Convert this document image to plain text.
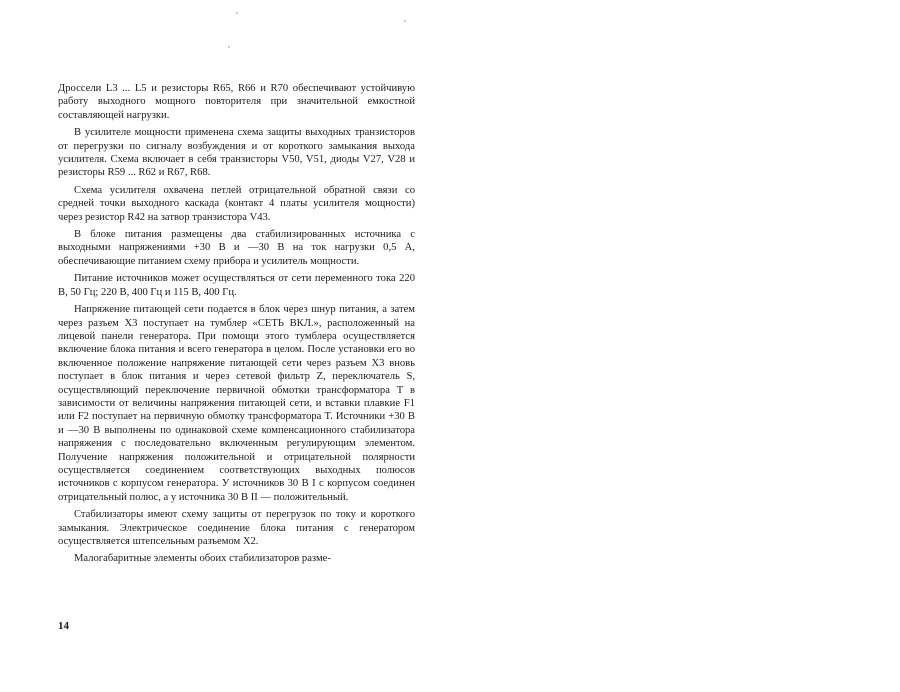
Дроссели L3 ... L5 и резисторы R65, R66 и R70 обеспечивают устойчивую работу выходного мощного повторителя при значительной емкостной составляющей нагрузки.

В усилителе мощности применена схема защиты выходных транзисторов от перегрузки по сигналу возбуждения и от короткого замыкания выхода усилителя. Схема включает в себя транзисторы V50, V51, диоды V27, V28 и резисторы R59 ... R62 и R67, R68.

Схема усилителя охвачена петлей отрицательной обратной связи со средней точки выходного каскада (контакт 4 платы усилителя мощности) через резистор R42 на затвор транзистора V43.

В блоке питания размещены два стабилизированных источника с выходными напряжениями +30 В и —30 В на ток нагрузки 0,5 А, обеспечивающие питанием схему прибора и усилитель мощности.

Питание источников может осуществляться от сети переменного тока 220 В, 50 Гц; 220 В, 400 Гц и 115 В, 400 Гц.

Напряжение питающей сети подается в блок через шнур питания, а затем через разъем X3 поступает на тумблер «СЕТЬ ВКЛ.», расположенный на лицевой панели генератора. При помощи этого тумблера осуществляется включение блока питания и всего генератора в целом. После установки его во включенное положение напряжение питающей сети через разъем X3 вновь поступает в блок питания и через сетевой фильтр Z, переключатель S, осуществляющий переключение первичной обмотки трансформатора T в зависимости от величины напряжения питающей сети, и вставки плавкие F1 или F2 поступает на первичную обмотку трансформатора T. Источники +30 В и —30 В выполнены по одинаковой схеме компенсационного стабилизатора напряжения с последовательно включенным регулирующим элементом. Получение напряжения положительной и отрицательной полярности осуществляется соединением соответствующих выходных полюсов источников с корпусом генератора. У источников 30 В I с корпусом соединен отрицательный полюс, а у источника 30 В II — положительный.

Стабилизаторы имеют схему защиты от перегрузок по току и короткого замыкания. Электрическое соединение блока питания с генератором осуществляется штепсельным разъемом X2.

Малогабаритные элементы обоих стабилизаторов разме-

14
